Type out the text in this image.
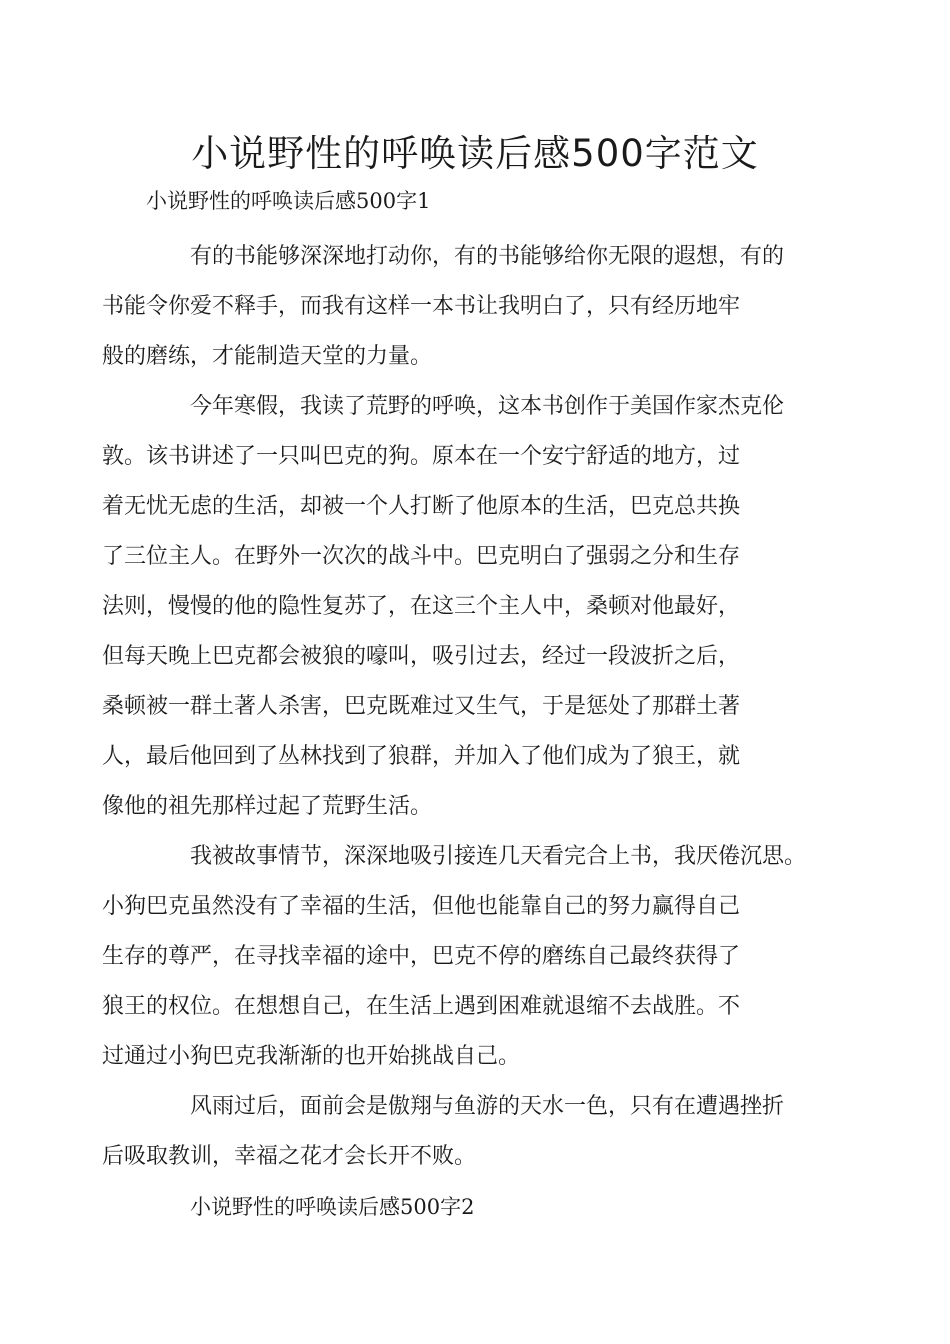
小说野性的呼唤读后感500字范文

小说野性的呼唤读后感500字1

有的书能够深深地打动你，有的书能够给你无限的遐想，有的
书能令你爱不释手，而我有这样一本书让我明白了，只有经历地牢
般的磨练，才能制造天堂的力量。

今年寒假，我读了荒野的呼唤，这本书创作于美国作家杰克伦
敦。该书讲述了一只叫巴克的狗。原本在一个安宁舒适的地方，过
着无忧无虑的生活，却被一个人打断了他原本的生活，巴克总共换
了三位主人。在野外一次次的战斗中。巴克明白了强弱之分和生存
法则，慢慢的他的隐性复苏了，在这三个主人中，桑顿对他最好，
但每天晚上巴克都会被狼的嚎叫，吸引过去，经过一段波折之后，
桑顿被一群土著人杀害，巴克既难过又生气，于是惩处了那群土著
人，最后他回到了丛林找到了狼群，并加入了他们成为了狼王，就
像他的祖先那样过起了荒野生活。

我被故事情节，深深地吸引接连几天看完合上书，我厌倦沉思。
小狗巴克虽然没有了幸福的生活，但他也能靠自己的努力赢得自己
生存的尊严，在寻找幸福的途中，巴克不停的磨练自己最终获得了
狼王的权位。在想想自己，在生活上遇到困难就退缩不去战胜。不
过通过小狗巴克我渐渐的也开始挑战自己。

风雨过后，面前会是傲翔与鱼游的天水一色，只有在遭遇挫折
后吸取教训，幸福之花才会长开不败。

小说野性的呼唤读后感500字2
